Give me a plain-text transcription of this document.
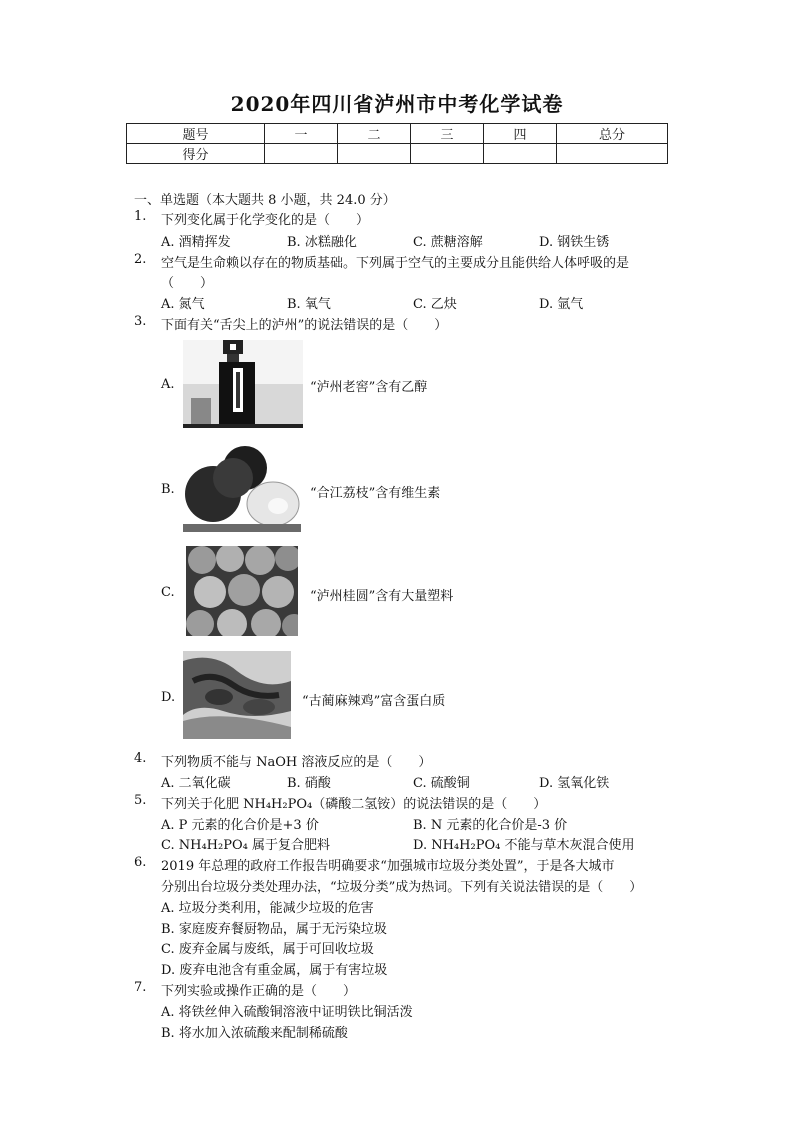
2020年四川省泸州市中考化学试卷
题号	一	二	三	四	总分
得分					
一、单选题（本大题共 8 小题，共 24.0 分）
1.	下列变化属于化学变化的是（　　）
A. 酒精挥发	B. 冰糕融化	C. 蔗糖溶解	D. 钢铁生锈
2.	空气是生命赖以存在的物质基础。下列属于空气的主要成分且能供给人体呼吸的是
（　　）
A. 氮气	B. 氧气	C. 乙炔	D. 氩气
3.	下面有关“舌尖上的泸州”的说法错误的是（　　）
A.	“泸州老窖”含有乙醇
B.	“合江荔枝”含有维生素
C.	“泸州桂圆”含有大量塑料
D.	“古蔺麻辣鸡”富含蛋白质
4.	下列物质不能与 NaOH 溶液反应的是（　　）
A. 二氧化碳	B. 硝酸	C. 硫酸铜	D. 氢氧化铁
5.	下列关于化肥 NH₄H₂PO₄（磷酸二氢铵）的说法错误的是（　　）
A. P 元素的化合价是+3 价	B. N 元素的化合价是-3 价
C. NH₄H₂PO₄ 属于复合肥料	D. NH₄H₂PO₄ 不能与草木灰混合使用
6.	2019 年总理的政府工作报告明确要求“加强城市垃圾分类处置”，于是各大城市
分别出台垃圾分类处理办法，“垃圾分类”成为热词。下列有关说法错误的是（　　）
A. 垃圾分类利用，能减少垃圾的危害
B. 家庭废弃餐厨物品，属于无污染垃圾
C. 废弃金属与废纸，属于可回收垃圾
D. 废弃电池含有重金属，属于有害垃圾
7.	下列实验或操作正确的是（　　）
A. 将铁丝伸入硫酸铜溶液中证明铁比铜活泼
B. 将水加入浓硫酸来配制稀硫酸
